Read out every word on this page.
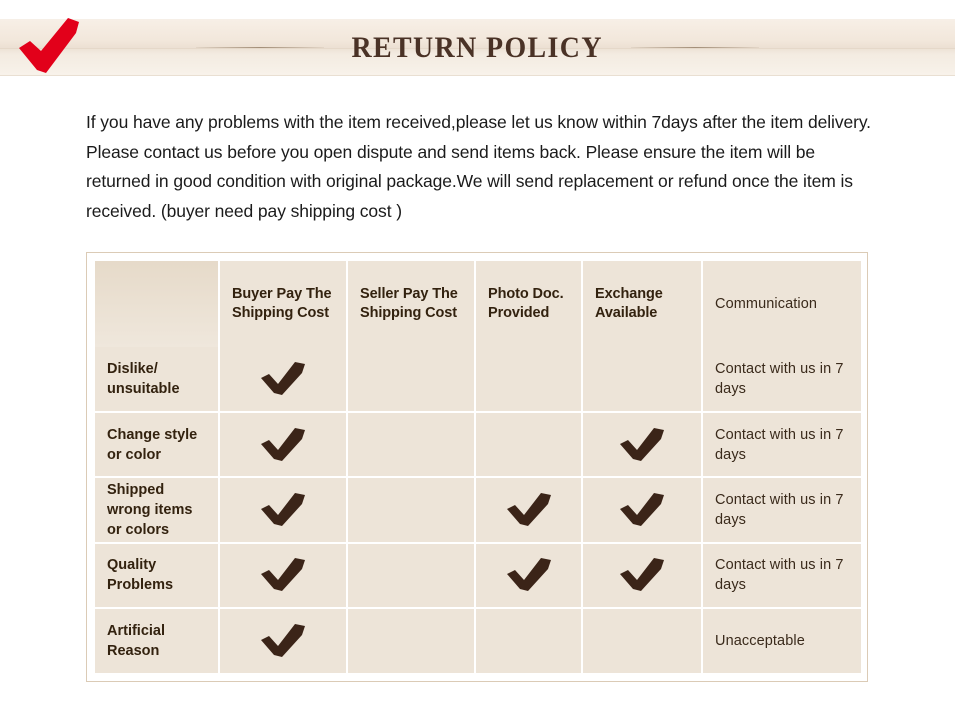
RETURN POLICY
If you have any problems with the item received,please let us know within 7days after the item delivery. Please contact us before you open dispute and send items back. Please ensure the item will be returned in good condition with original package.We will send replacement or refund once the item is received. (buyer need pay shipping cost )
	Buyer Pay The Shipping Cost	Seller Pay The Shipping Cost	Photo Doc. Provided	Exchange Available	Communication
Dislike/ unsuitable					Contact with us in 7 days
Change style or color					Contact with us in 7 days
Shipped wrong items or colors					Contact with us in 7 days
Quality Problems					Contact with us in 7 days
Artificial Reason					Unacceptable
